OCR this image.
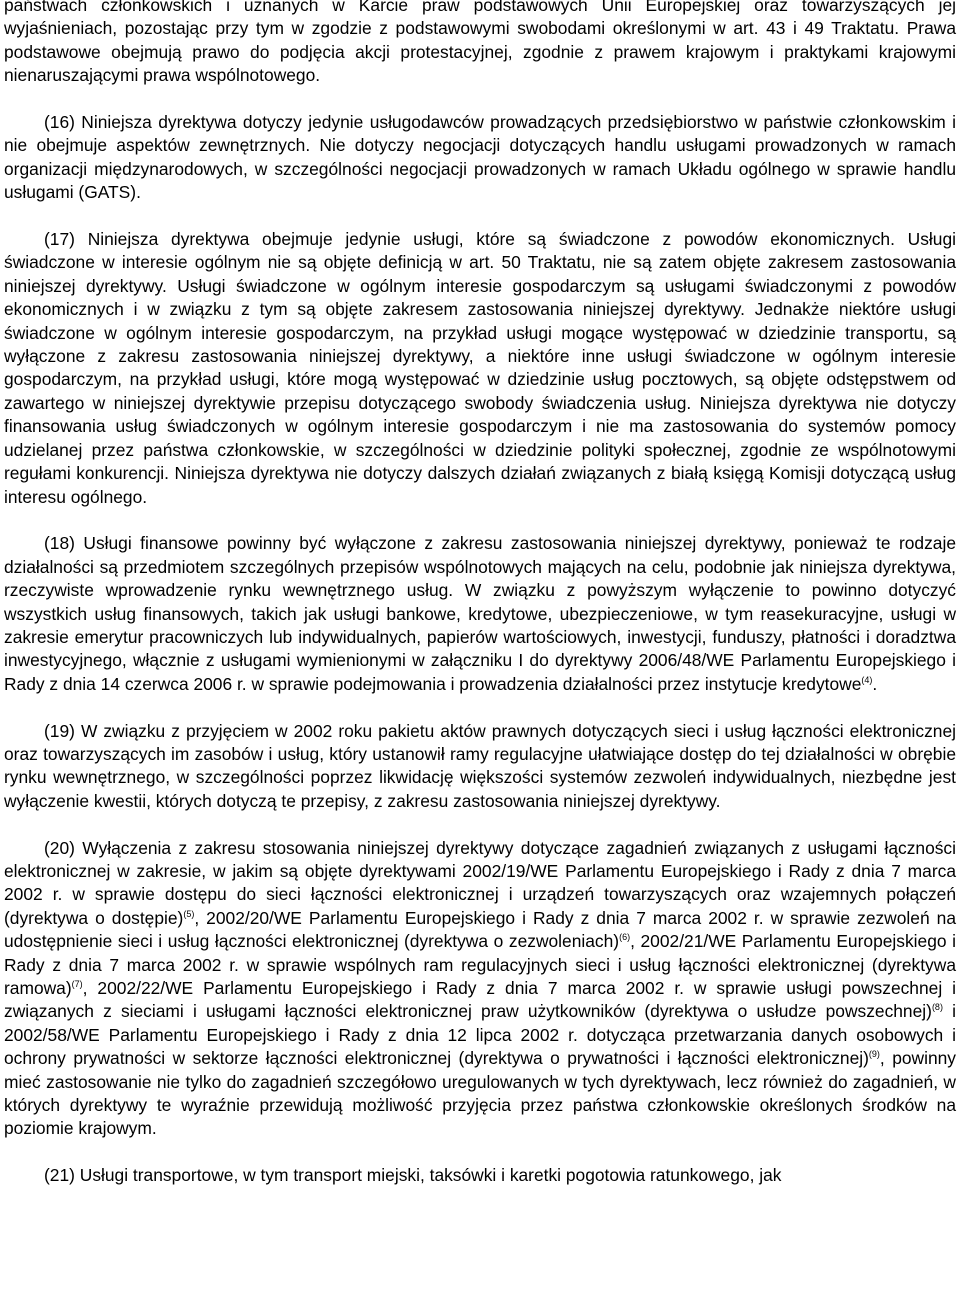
państwach członkowskich i uznanych w Karcie praw podstawowych Unii Europejskiej oraz towarzyszących jej wyjaśnieniach, pozostając przy tym w zgodzie z podstawowymi swobodami określonymi w art. 43 i 49 Traktatu. Prawa podstawowe obejmują prawo do podjęcia akcji protestacyjnej, zgodnie z prawem krajowym i praktykami krajowymi nienaruszającymi prawa wspólnotowego.

(16) Niniejsza dyrektywa dotyczy jedynie usługodawców prowadzących przedsiębiorstwo w państwie członkowskim i nie obejmuje aspektów zewnętrznych. Nie dotyczy negocjacji dotyczących handlu usługami prowadzonych w ramach organizacji międzynarodowych, w szczególności negocjacji prowadzonych w ramach Układu ogólnego w sprawie handlu usługami (GATS).

(17) Niniejsza dyrektywa obejmuje jedynie usługi, które są świadczone z powodów ekonomicznych. Usługi świadczone w interesie ogólnym nie są objęte definicją w art. 50 Traktatu, nie są zatem objęte zakresem zastosowania niniejszej dyrektywy. Usługi świadczone w ogólnym interesie gospodarczym są usługami świadczonymi z powodów ekonomicznych i w związku z tym są objęte zakresem zastosowania niniejszej dyrektywy. Jednakże niektóre usługi świadczone w ogólnym interesie gospodarczym, na przykład usługi mogące występować w dziedzinie transportu, są wyłączone z zakresu zastosowania niniejszej dyrektywy, a niektóre inne usługi świadczone w ogólnym interesie gospodarczym, na przykład usługi, które mogą występować w dziedzinie usług pocztowych, są objęte odstępstwem od zawartego w niniejszej dyrektywie przepisu dotyczącego swobody świadczenia usług. Niniejsza dyrektywa nie dotyczy finansowania usług świadczonych w ogólnym interesie gospodarczym i nie ma zastosowania do systemów pomocy udzielanej przez państwa członkowskie, w szczególności w dziedzinie polityki społecznej, zgodnie ze wspólnotowymi regułami konkurencji. Niniejsza dyrektywa nie dotyczy dalszych działań związanych z białą księgą Komisji dotyczącą usług interesu ogólnego.

(18) Usługi finansowe powinny być wyłączone z zakresu zastosowania niniejszej dyrektywy, ponieważ te rodzaje działalności są przedmiotem szczególnych przepisów wspólnotowych mających na celu, podobnie jak niniejsza dyrektywa, rzeczywiste wprowadzenie rynku wewnętrznego usług. W związku z powyższym wyłączenie to powinno dotyczyć wszystkich usług finansowych, takich jak usługi bankowe, kredytowe, ubezpieczeniowe, w tym reasekuracyjne, usługi w zakresie emerytur pracowniczych lub indywidualnych, papierów wartościowych, inwestycji, funduszy, płatności i doradztwa inwestycyjnego, włącznie z usługami wymienionymi w załączniku I do dyrektywy 2006/48/WE Parlamentu Europejskiego i Rady z dnia 14 czerwca 2006 r. w sprawie podejmowania i prowadzenia działalności przez instytucje kredytowe$^{(4)}$.

(19) W związku z przyjęciem w 2002 roku pakietu aktów prawnych dotyczących sieci i usług łączności elektronicznej oraz towarzyszących im zasobów i usług, który ustanowił ramy regulacyjne ułatwiające dostęp do tej działalności w obrębie rynku wewnętrznego, w szczególności poprzez likwidację większości systemów zezwoleń indywidualnych, niezbędne jest wyłączenie kwestii, których dotyczą te przepisy, z zakresu zastosowania niniejszej dyrektywy.

(20) Wyłączenia z zakresu stosowania niniejszej dyrektywy dotyczące zagadnień związanych z usługami łączności elektronicznej w zakresie, w jakim są objęte dyrektywami 2002/19/WE Parlamentu Europejskiego i Rady z dnia 7 marca 2002 r. w sprawie dostępu do sieci łączności elektronicznej i urządzeń towarzyszących oraz wzajemnych połączeń (dyrektywa o dostępie)$^{(5)}$, 2002/20/WE Parlamentu Europejskiego i Rady z dnia 7 marca 2002 r. w sprawie zezwoleń na udostępnienie sieci i usług łączności elektronicznej (dyrektywa o zezwoleniach)$^{(6)}$, 2002/21/WE Parlamentu Europejskiego i Rady z dnia 7 marca 2002 r. w sprawie wspólnych ram regulacyjnych sieci i usług łączności elektronicznej (dyrektywa ramowa)$^{(7)}$, 2002/22/WE Parlamentu Europejskiego i Rady z dnia 7 marca 2002 r. w sprawie usługi powszechnej i związanych z sieciami i usługami łączności elektronicznej praw użytkowników (dyrektywa o usłudze powszechnej)$^{(8)}$ i 2002/58/WE Parlamentu Europejskiego i Rady z dnia 12 lipca 2002 r. dotycząca przetwarzania danych osobowych i ochrony prywatności w sektorze łączności elektronicznej (dyrektywa o prywatności i łączności elektronicznej)$^{(9)}$, powinny mieć zastosowanie nie tylko do zagadnień szczegółowo uregulowanych w tych dyrektywach, lecz również do zagadnień, w których dyrektywy te wyraźnie przewidują możliwość przyjęcia przez państwa członkowskie określonych środków na poziomie krajowym.

(21) Usługi transportowe, w tym transport miejski, taksówki i karetki pogotowia ratunkowego, jak
